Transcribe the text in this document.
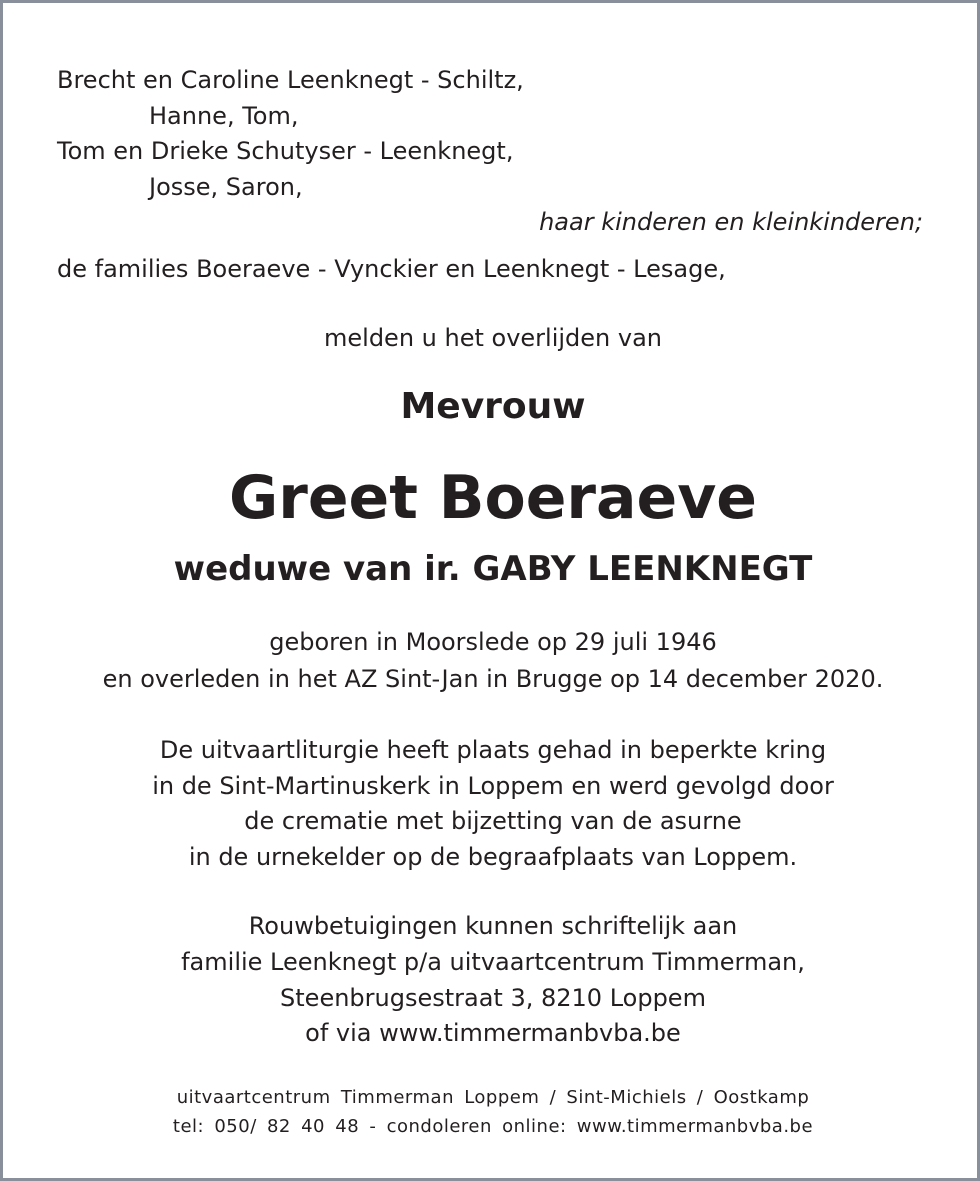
Brecht en Caroline Leenknegt - Schiltz,
Hanne, Tom,
Tom en Drieke Schutyser - Leenknegt,
Josse, Saron,
haar kinderen en kleinkinderen;
de families Boeraeve - Vynckier en Leenknegt - Lesage,
melden u het overlijden van
Mevrouw
Greet Boeraeve
weduwe van ir. GABY LEENKNEGT
geboren in Moorslede op 29 juli 1946
en overleden in het AZ Sint-Jan in Brugge op 14 december 2020.
De uitvaartliturgie heeft plaats gehad in beperkte kring
in de Sint-Martinuskerk in Loppem en werd gevolgd door
de crematie met bijzetting van de asurne
in de urnekelder op de begraafplaats van Loppem.
Rouwbetuigingen kunnen schriftelijk aan
familie Leenknegt p/a uitvaartcentrum Timmerman,
Steenbrugsestraat 3, 8210 Loppem
of via www.timmermanbvba.be
uitvaartcentrum Timmerman Loppem / Sint-Michiels / Oostkamp
tel: 050/ 82 40 48 - condoleren online: www.timmermanbvba.be
